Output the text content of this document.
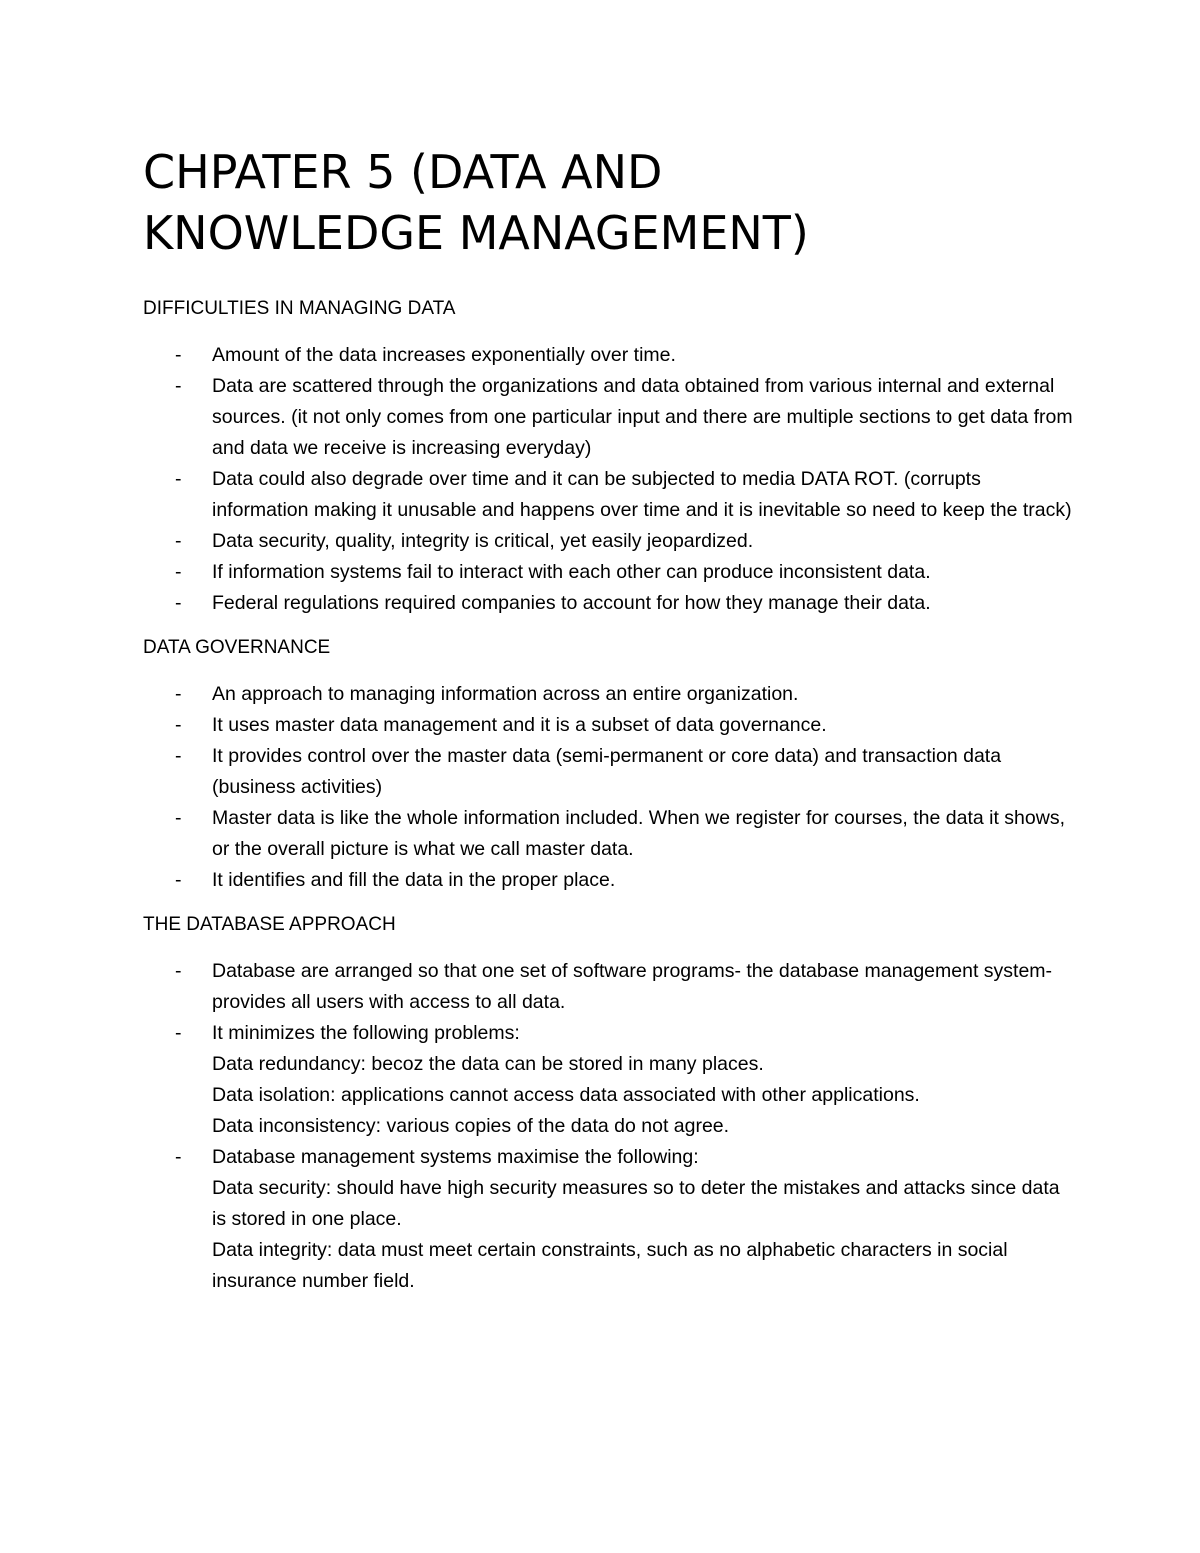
CHPATER 5 (DATA AND
KNOWLEDGE MANAGEMENT)
DIFFICULTIES IN MANAGING DATA
- Amount of the data increases exponentially over time.
- Data are scattered through the organizations and data obtained from various internal and external sources. (it not only comes from one particular input and there are multiple sections to get data from and data we receive is increasing everyday)
- Data could also degrade over time and it can be subjected to media DATA ROT. (corrupts information making it unusable and happens over time and it is inevitable so need to keep the track)
- Data security, quality, integrity is critical, yet easily jeopardized.
- If information systems fail to interact with each other can produce inconsistent data.
- Federal regulations required companies to account for how they manage their data.
DATA GOVERNANCE
- An approach to managing information across an entire organization.
- It uses master data management and it is a subset of data governance.
- It provides control over the master data (semi-permanent or core data) and transaction data (business activities)
- Master data is like the whole information included. When we register for courses, the data it shows, or the overall picture is what we call master data.
- It identifies and fill the data in the proper place.
THE DATABASE APPROACH
- Database are arranged so that one set of software programs- the database management system- provides all users with access to all data.
- It minimizes the following problems:
Data redundancy: becoz the data can be stored in many places.
Data isolation: applications cannot access data associated with other applications.
Data inconsistency: various copies of the data do not agree.
- Database management systems maximise the following:
Data security: should have high security measures so to deter the mistakes and attacks since data is stored in one place.
Data integrity: data must meet certain constraints, such as no alphabetic characters in social insurance number field.
